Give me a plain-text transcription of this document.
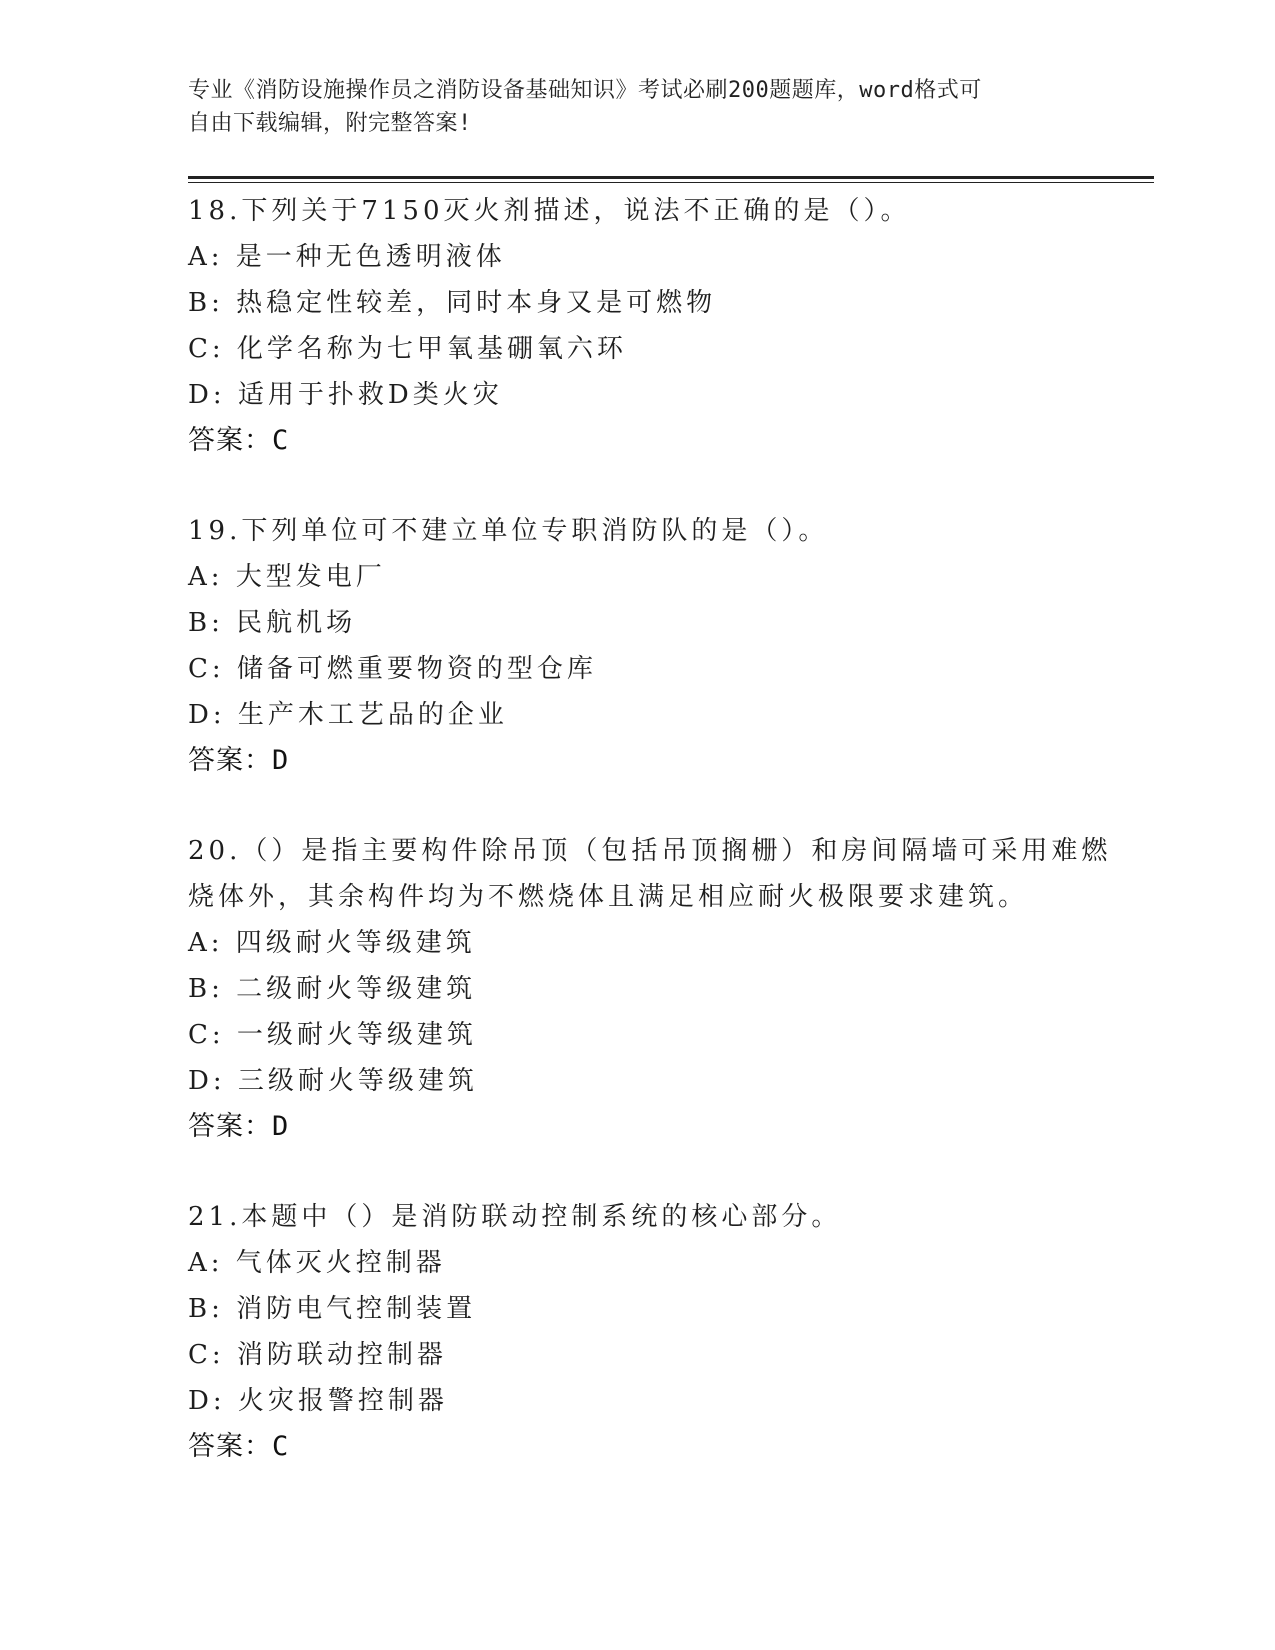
专业《消防设施操作员之消防设备基础知识》考试必刷200题题库，word格式可
自由下载编辑，附完整答案!
18.下列关于7150灭火剂描述，说法不正确的是（）。
A: 是一种无色透明液体
B: 热稳定性较差，同时本身又是可燃物
C: 化学名称为七甲氧基硼氧六环
D: 适用于扑救D类火灾
答案：C
19.下列单位可不建立单位专职消防队的是（）。
A: 大型发电厂
B: 民航机场
C: 储备可燃重要物资的型仓库
D: 生产木工艺品的企业
答案：D
20.（）是指主要构件除吊顶（包括吊顶搁栅）和房间隔墙可采用难燃
烧体外，其余构件均为不燃烧体且满足相应耐火极限要求建筑。
A: 四级耐火等级建筑
B: 二级耐火等级建筑
C: 一级耐火等级建筑
D: 三级耐火等级建筑
答案：D
21.本题中（）是消防联动控制系统的核心部分。
A: 气体灭火控制器
B: 消防电气控制装置
C: 消防联动控制器
D: 火灾报警控制器
答案：C
